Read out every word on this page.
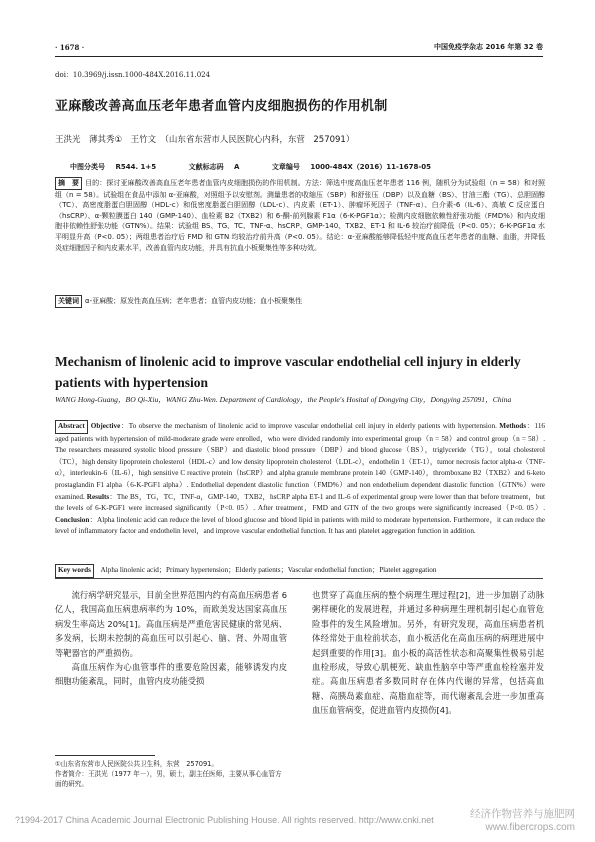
· 1678 ·	中国免疫学杂志 2016 年第 32 卷
doi：10.3969/j.issn.1000-484X.2016.11.024
亚麻酸改善高血压老年患者血管内皮细胞损伤的作用机制
王洪光　薄其秀①　王竹文　（山东省东营市人民医院心内科，东营　257091）
中图分类号 R544. 1+5	文献标志码 A	文章编号 1000-484X（2016）11-1678-05
摘　要 目的：探讨亚麻酸改善高血压老年患者血管内皮细胞损伤的作用机制。方法：筛选中度高血压老年患者 116 例，随机分为试验组（n = 58）和对照组（n = 58）。试验组在食品中添加 α-亚麻酸，对照组予以安慰剂。测量患者的收缩压（SBP）和舒张压（DBP）以及血糖（BS）、甘油三酯（TG）、总胆固醇（TC）、高密度脂蛋白胆固醇（HDL-c）和低密度脂蛋白胆固醇（LDL-c）、内皮素（ET-1）、肿瘤坏死因子（TNF-α）、白介素-6（IL-6）、高敏 C 反应蛋白（hsCRP）、α-颗粒膜蛋白 140（GMP-140）、血栓素 B2（TXB2）和 6-酮-前列腺素 F1α（6-K-PGF1α）；检测内皮细胞依赖性舒张功能（FMD%）和内皮细胞非依赖性舒张功能（GTN%）。结果：试验组 BS、TG、TC、TNF-α、hsCRP、GMP-140、TXB2、ET-1 和 IL-6 较治疗前降低（P<0. 05）；6-K-PGF1α 水平明显升高（P<0. 05）；两组患者治疗后 FMD 和 GTN 均较治疗前升高（P<0. 05）。结论：α-亚麻酸能够降低轻中度高血压老年患者的血糖、血脂，并降低炎症细胞因子和内皮素水平，改善血管内皮功能，并具有抗血小板聚集性等多种功效。
关键词 α-亚麻酸；原发性高血压病；老年患者；血管内皮功能；血小板聚集性
Mechanism of linolenic acid to improve vascular endothelial cell injury in elderly patients with hypertension
WANG Hong-Guang，BO Qi-Xiu，WANG Zhu-Wen. Department of Cardiology，the People′s Hosital of Dongying City，Dongying 257091，China
Abstract Objective：To observe the mechanism of linolenic acid to improve vascular endothelial cell injury in elderly patients with hypertension. Methods：116 aged patients with hypertension of mild-moderate grade were enrolled，who were divided randomly into experimental group（n = 58）and control group（n = 58）. The researchers measured systolic blood pressure（SBP）and diastolic blood pressure（DBP）and blood glucose（BS），triglyceride（TG），total cholesterol（TC），high density lipoprotein cholesterol（HDL-c）and low density lipoprotein cholesterol（LDL-c），endothelin 1（ET-1），tumor necrosis factor alpha-α（TNF-α），interleukin-6（IL-6），high sensitive C reactive protein（hsCRP）and alpha granule membrane protein 140（GMP-140），thromboxane B2（TXB2）and 6-keto prostaglandin F1 alpha（6-K-PGF1 alpha）. Endothelial dependent diastolic function（FMD%）and non endothelium dependent diastolic function（GTN%）were examined. Results：The BS，TG，TC，TNF-α，GMP-140，TXB2，hsCRP alpha ET-1 and IL-6 of experimental group were lower than that before treatment，but the levels of 6-K-PGF1 were increased significantly（P<0. 05）. After treatment，FMD and GTN of the two groups were significantly increased（P<0. 05）. Conclusion：Alpha linolenic acid can reduce the level of blood glucose and blood lipid in patients with mild to moderate hypertension. Furthermore，it can reduce the level of inflammatory factor and endothelin level，and improve vascular endothelial function. It has anti platelet aggregation function in addition.
Key words Alpha linolenic acid；Primary hypertension；Elderly patients；Vascular endothelial function；Platelet aggregation

流行病学研究显示，目前全世界范围内约有高血压病患者 6 亿人，我国高血压病患病率约为 10%，而欧美发达国家高血压病发生率高达 20%[1]。高血压病是严重危害民健康的常见病、多发病，长期未控制的高血压可以引起心、脑、肾、外周血管等靶器官的严重损伤。

高血压病作为心血管事件的重要危险因素，能够诱发内皮细胞功能紊乱，同时，血管内皮功能受损

也贯穿了高血压病的整个病理生理过程[2]，进一步加剧了动脉粥样硬化的发展进程，并通过多种病理生理机制引起心血管危险事件的发生风险增加。另外，有研究发现，高血压病患者机体经常处于血栓前状态，血小板活化在高血压病的病理进展中起到重要的作用[3]。血小板的高活性状态和高聚集性极易引起血栓形成，导致心肌梗死、缺血性脑卒中等严重血栓栓塞并发症。高血压病患者多数同时存在体内代谢的异常，包括高血糖、高胰岛素血症、高脂血症等，而代谢紊乱会进一步加重高血压血管病变，促进血管内皮损伤[4]。

①山东省东营市人民医院公共卫生科，东营　257091。

作者简介：王洪光（1977 年－），男，硕士，副主任医师，主要从事心血管方面的研究。

?1994-2017 China Academic Journal Electronic Publishing House. All rights reserved. http://www.cnki.net	经济作物营养与施肥网
www.fibercrops.com
